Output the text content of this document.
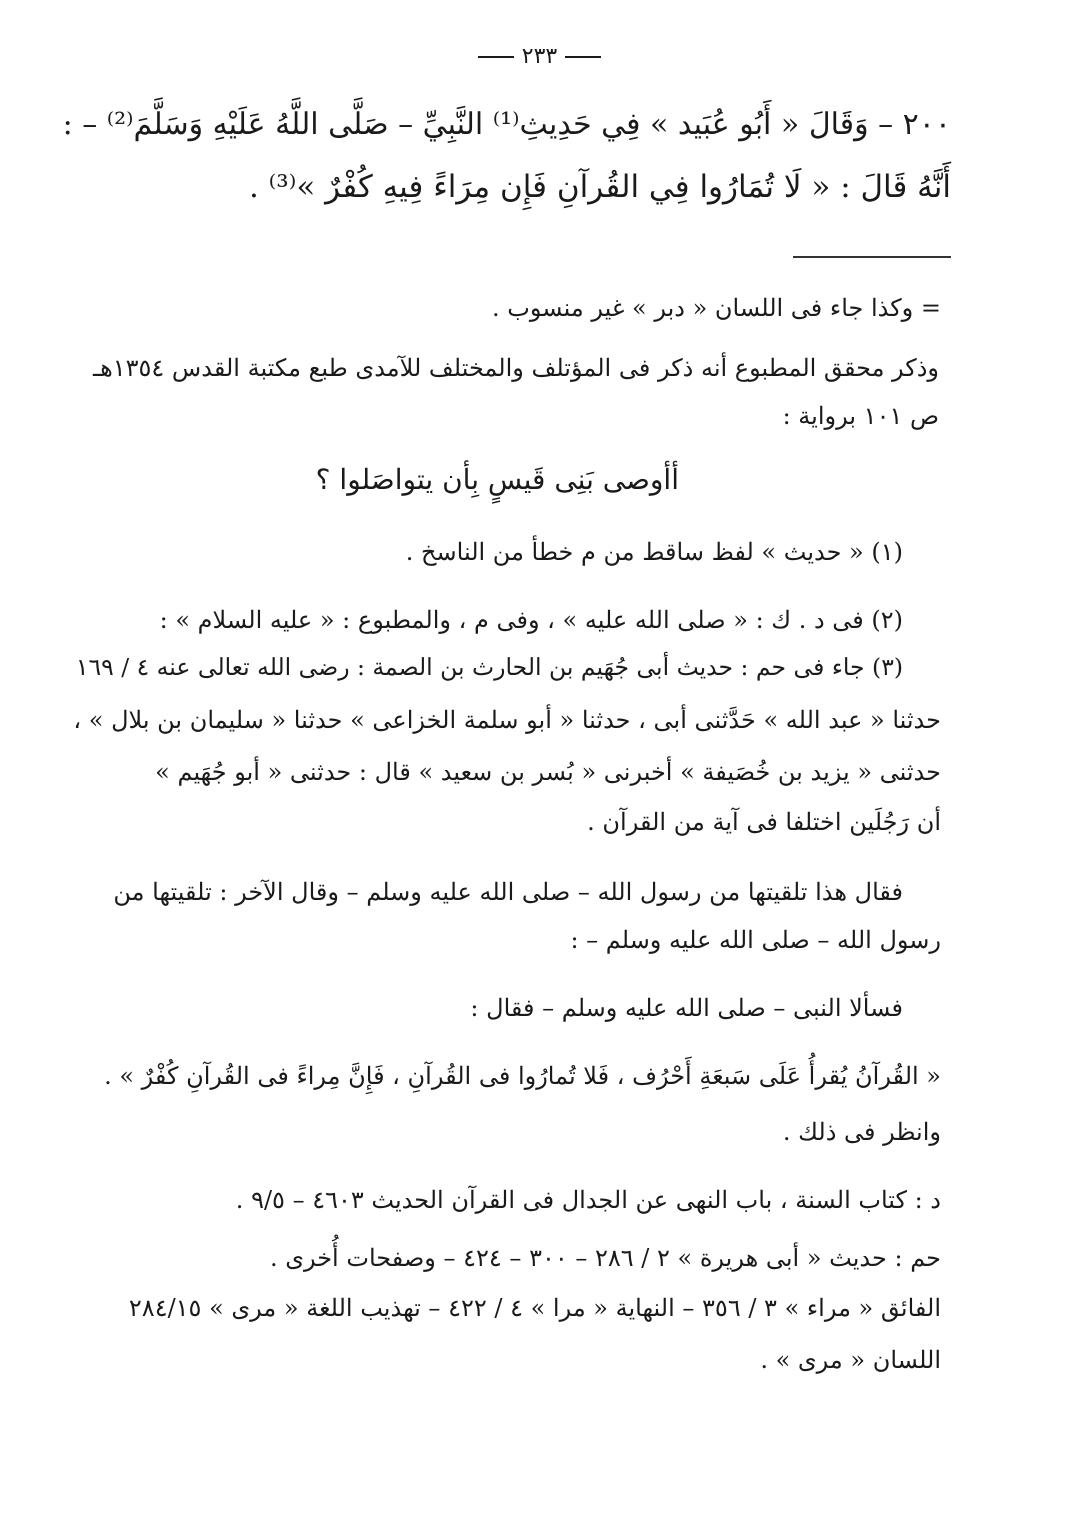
٢٣٣
٢٠٠ – وَقَالَ « أَبُو عُبَيد » فِي حَدِيثِ⁽¹⁾ النَّبِيِّ – صَلَّى اللَّهُ عَلَيْهِ وَسَلَّمَ⁽²⁾ – :
أَنَّهُ قَالَ : « لَا تُمَارُوا فِي القُرآنِ فَإِن مِرَاءً فِيهِ كُفْرٌ »⁽³⁾ .
= وكذا جاء فى اللسان « دبر » غير منسوب .
وذكر محقق المطبوع أنه ذكر فى المؤتلف والمختلف للآمدى طبع مكتبة القدس ١٣٥٤هـ
ص ١٠١ برواية :
أأوصى بَنِى قَيسٍ بِأن يتواصَلوا ؟
(١) « حديث » لفظ ساقط من م خطأ من الناسخ .
(٢) فى د . ك : « صلى الله عليه » ، وفى م ، والمطبوع : « عليه السلام » :
(٣) جاء فى حم : حديث أبى جُهَيم بن الحارث بن الصمة : رضى الله تعالى عنه ٤ / ١٦٩
حدثنا « عبد الله » حَدَّثنى أبى ، حدثنا « أبو سلمة الخزاعى » حدثنا « سليمان بن بلال » ،
حدثنى « يزيد بن خُصَيفة » أخبرنى « بُسر بن سعيد » قال : حدثنى « أبو جُهَيم »
أن رَجُلَين اختلفا فى آية من القرآن .
فقال هذا تلقيتها من رسول الله – صلى الله عليه وسلم – وقال الآخر : تلقيتها من
رسول الله – صلى الله عليه وسلم – :
فسألا النبى – صلى الله عليه وسلم – فقال :
« القُرآنُ يُقرأُ عَلَى سَبعَةِ أَحْرُف ، فَلا تُمارُوا فى القُرآنِ ، فَإِنَّ مِراءً فى القُرآنِ كُفْرٌ » .
وانظر فى ذلك .
د : كتاب السنة ، باب النهى عن الجدال فى القرآن الحديث ٤٦٠٣ – ٩/٥ .
حم : حديث « أبى هريرة » ٢ / ٢٨٦ – ٣٠٠ – ٤٢٤ – وصفحات أُخرى .
الفائق « مراء » ٣ / ٣٥٦ – النهاية « مرا » ٤ / ٤٢٢ – تهذيب اللغة « مرى » ٢٨٤/١٥
اللسان « مرى » .
